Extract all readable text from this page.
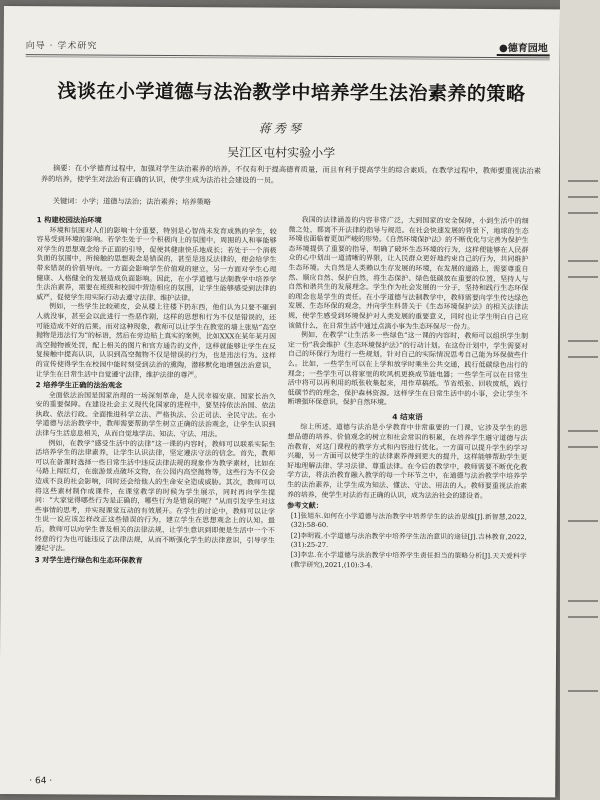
向导 · 学术研究	●德育园地
浅谈在小学道德与法治教学中培养学生法治素养的策略
蒋秀琴
吴江区屯村实验小学
摘要：在小学德育过程中，加强对学生法治素养的培养，不仅有利于提高德育质量，而且有利于提高学生的综合素质。在教学过程中，教师要重视法治素养的培养，使学生对法治有正确的认识，使学生成为法治社会建设的一员。
关键词：小学；道德与法治；法治素养；培养策略
1 构建校园法治环境

环境和氛围对人们的影响十分重要，特别是心智尚未发育成熟的学生，较容易受到环境的影响。若学生处于一个积极向上的氛围中，周围的人和事能够对学生的思想观念给予正面的引导，促使其健康快乐地成长；若处于一个消极负面的氛围中，所接触的思想观念是错误的，甚至是违反法律的，便会给学生带来错误的价值导向。一方面会影响学生价值观的建立，另一方面对学生心理健康、人格健全的发展造成负面影响。因此，在小学道德与法制教学中培养学生法治素养，需要在班级和校园中营造相应的氛围，让学生能够感受到法律的威严，促使学生用实际行动去遵守法律、维护法律。

例如，一些学生比较顽皮，会从楼上往楼下扔东西，他们认为只要不砸到人就没事，甚至会以此进行一些恶作剧，这样的思想和行为不仅是错误的，还可能造成不好的后果。而对这种现象，教师可以让学生在教室的墙上张贴“高空抛物是违法行为”的标语，然后在旁边贴上真实的案例，比如XXX在某年某月因高空抛物被处罚，配上相关的图片和官方通告的文件，这样就能够让学生在反复接触中提高认识，认识到高空抛物不仅是错误的行为，也是违法行为。这样的宣传使得学生在校园中能时刻受到法治的熏陶，潜移默化地增强法治意识，让学生在日常生活中自觉遵守法律，维护法律的尊严。

2 培养学生正确的法治观念

全面依法治国是国家治理的一场深刻革命，是人民幸福安康、国家长治久安的重要保障。在建设社会主义现代化国家的进程中，要坚持依法治国、依法执政、依法行政。全面推进科学立法、严格执法、公正司法、全民守法。在小学道德与法治教学中，教师需要帮助学生树立正确的法治观念，让学生认识到法律与生活息息相关，从而自觉地学法、知法、守法、用法。

例如，在教学“感受生活中的法律”这一课的内容时，教师可以联系实际生活培养学生的法律素养，让学生认识法律，坚定遵法守法的信念。首先，教师可以在备课时选择一些日常生活中违反法律法规的现象作为教学素材，比如在马路上闯红灯，在旅游景点破坏文物，在公园内高空抛物等，这些行为不仅会造成不良的社会影响，同时还会给他人的生命安全造成威胁。其次，教师可以将这些素材制作成课件，在课堂教学的时候为学生展示，同时再向学生提问：“大家觉得哪些行为是正确的，哪些行为是错误的呢？”从而引发学生对这些事情的思考，并实现课堂互动的有效展开。在学生的讨论中，教师可以让学生说一说应该怎样改正这些错误的行为，建立学生在思想观念上的认知。最后，教师可以向学生普及相关的法律法规，让学生意识到即便是生活中一个不经意的行为也可能违反了法律法规，从而不断强化学生的法律意识，引导学生遵纪守法。

3 对学生进行绿色和生态环保教育

我国的法律涵盖的内容非常广泛，大到国家的安全保障，小到生活中的细微之处，都离不开法律的指导与规范。在社会快速发展的背景下，地球的生态环境也面临着更加严峻的形势。《自然环境保护法》的不断优化与完善为保护生态环境提供了重要的指导，明确了破坏生态环境的行为，这样便能够在人民群众的心中划出一道清晰的界限，让人民群众更好地约束自己的行为，共同维护生态环境。大自然是人类赖以生存发展的环境，在发展的道路上，需要尊重自然、顺应自然、保护自然，将生态保护、绿色低碳放在重要的位置，坚持人与自然和谐共生的发展理念。学生作为社会发展的一分子，坚持和践行生态环保的理念也是学生的责任。在小学道德与法制教学中，教师需要向学生传达绿色发展、生态环保的观念，并向学生科普关于《生态环境保护法》的相关法律法规，使学生感受到环境保护对人类发展的重要意义，同时也让学生明白自己应该做什么，在日常生活中通过点滴小事为生态环保尽一份力。

例如，在教学“让生活多一些绿色”这一课的内容时，教师可以组织学生制定一份“我会维护《生态环境保护法》”的行动计划。在这份计划中，学生需要对自己的环保行为进行一些规划，针对自己的实际情况思考自己能为环保做些什么。比如，一些学生可以在上学和放学时乘坐公共交通，践行低碳绿色出行的理念；一些学生可以将家里的吹风机更换成节能电器；一些学生可以在日常生活中将可以再利用的纸张收集起来，用作草稿纸。节省纸张、回收废纸，践行低碳节约的理念，保护森林资源。这样学生在日常生活中的小事，会让学生不断增强环保意识，保护自然环境。

4 结束语

综上所述，道德与法治是小学教育中非常重要的一门课，它涉及学生的思想品德的培养、价值观念的树立和社会常识的积累，在培养学生遵守道德与法治教育，对这门课程的教学方式和内容进行优化。一方面可以提升学生的学习兴趣，另一方面可以使学生的法律素养得到更大的提升，这样能够帮助学生更好地理解法律、学习法律、尊重法律。在今后的教学中，教师需要不断优化教学方法，将法治教育融入教学的每一个环节之中，在道德与法治教学中培养学生的法治素养，让学生成为知法、懂法、守法、用法的人。教师要重视法治素养的培养，使学生对法治有正确的认识，成为法治社会的建设者。

参考文献：
[1]张旭东.如何在小学道德与法治教学中培养学生的法治思维[J].新智慧,2022,(32):58-60.
[2]李明霞.小学道德与法治教学中培养学生法治意识的途径[J].吉林教育,2022,(31):25-27.
[3]李忠.在小学道德与法治教学中培养学生责任担当的策略分析[J].天天爱科学(教学研究),2021,(10):3-4.
· 64 ·
